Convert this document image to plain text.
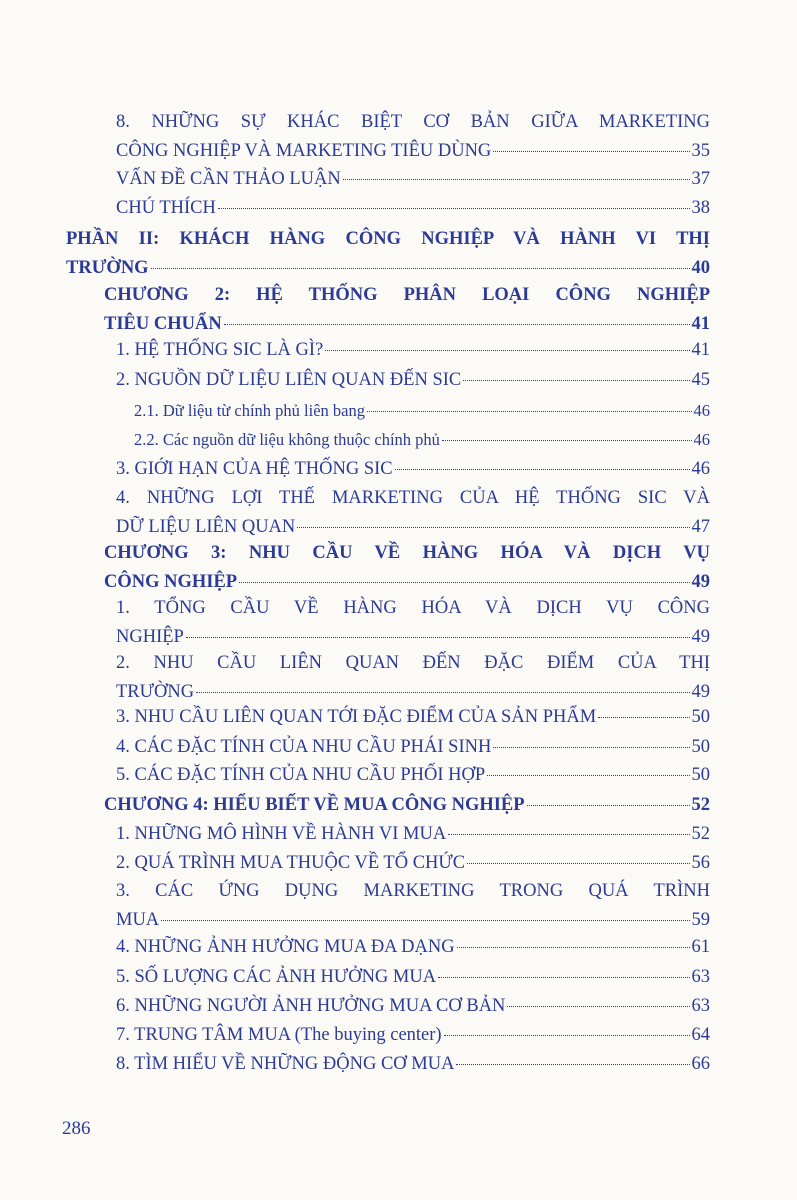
8. NHỮNG SỰ KHÁC BIỆT CƠ BẢN GIỮA MARKETING
CÔNG NGHIỆP VÀ MARKETING TIÊU DÙNG	35
VẤN ĐỀ CẦN THẢO LUẬN	37
CHÚ THÍCH	38
PHẦN II: KHÁCH HÀNG CÔNG NGHIỆP VÀ HÀNH VI THỊ
TRƯỜNG	40
CHƯƠNG 2: HỆ THỐNG PHÂN LOẠI CÔNG NGHIỆP
TIÊU CHUẨN	41
1. HỆ THỐNG SIC LÀ GÌ?	41
2. NGUỒN DỮ LIỆU LIÊN QUAN ĐẾN SIC	45
2.1. Dữ liệu từ chính phủ liên bang	46
2.2. Các nguồn dữ liệu không thuộc chính phủ	46
3. GIỚI HẠN CỦA HỆ THỐNG SIC	46
4. NHỮNG LỢI THẾ MARKETING CỦA HỆ THỐNG SIC VÀ
DỮ LIỆU LIÊN QUAN	47
CHƯƠNG 3: NHU CẦU VỀ HÀNG HÓA VÀ DỊCH VỤ
CÔNG NGHIỆP	49
1. TỔNG CẦU VỀ HÀNG HÓA VÀ DỊCH VỤ CÔNG
NGHIỆP	49
2. NHU CẦU LIÊN QUAN ĐẾN ĐẶC ĐIỂM CỦA THỊ
TRƯỜNG	49
3. NHU CẦU LIÊN QUAN TỚI ĐẶC ĐIỂM CỦA SẢN PHẨM	50
4. CÁC ĐẶC TÍNH CỦA NHU CẦU PHÁI SINH	50
5. CÁC ĐẶC TÍNH CỦA NHU CẦU PHỐI HỢP	50
CHƯƠNG 4: HIỂU BIẾT VỀ MUA CÔNG NGHIỆP	52
1. NHỮNG MÔ HÌNH VỀ HÀNH VI MUA	52
2. QUÁ TRÌNH MUA THUỘC VỀ TỔ CHỨC	56
3. CÁC ỨNG DỤNG MARKETING TRONG QUÁ TRÌNH
MUA	59
4. NHỮNG ẢNH HƯỞNG MUA ĐA DẠNG	61
5. SỐ LƯỢNG CÁC ẢNH HƯỞNG MUA	63
6. NHỮNG NGƯỜI ẢNH HƯỞNG MUA CƠ BẢN	63
7. TRUNG TÂM MUA (The buying center)	64
8. TÌM HIỂU VỀ NHỮNG ĐỘNG CƠ MUA	66
286
